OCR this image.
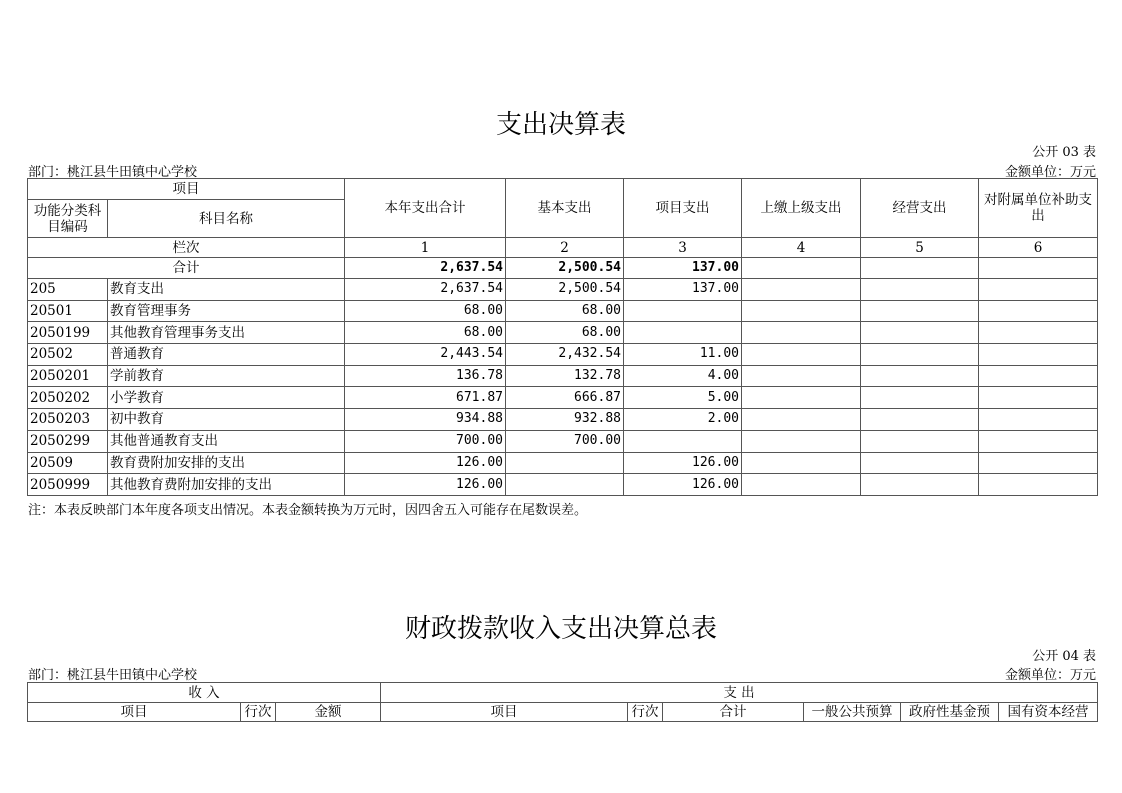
支出决算表
公开 03 表
部门：桃江县牛田镇中心学校	金额单位：万元
项目		本年支出合计	基本支出	项目支出	上缴上级支出	经营支出	对附属单位补助支出
功能分类科目编码	科目名称						
栏次		1	2	3	4	5	6
合计		2,637.54	2,500.54	137.00			
205	教育支出	2,637.54	2,500.54	137.00			
20501	教育管理事务	68.00	68.00				
2050199	其他教育管理事务支出	68.00	68.00				
20502	普通教育	2,443.54	2,432.54	11.00			
2050201	学前教育	136.78	132.78	4.00			
2050202	小学教育	671.87	666.87	5.00			
2050203	初中教育	934.88	932.88	2.00			
2050299	其他普通教育支出	700.00	700.00				
20509	教育费附加安排的支出	126.00		126.00			
2050999	其他教育费附加安排的支出	126.00		126.00			
注：本表反映部门本年度各项支出情况。本表金额转换为万元时，因四舍五入可能存在尾数误差。
财政拨款收入支出决算总表
公开 04 表
部门：桃江县牛田镇中心学校	金额单位：万元
收 入			支 出					
项目	行次	金额	项目	行次	合计	一般公共预算	政府性基金预	国有资本经营
